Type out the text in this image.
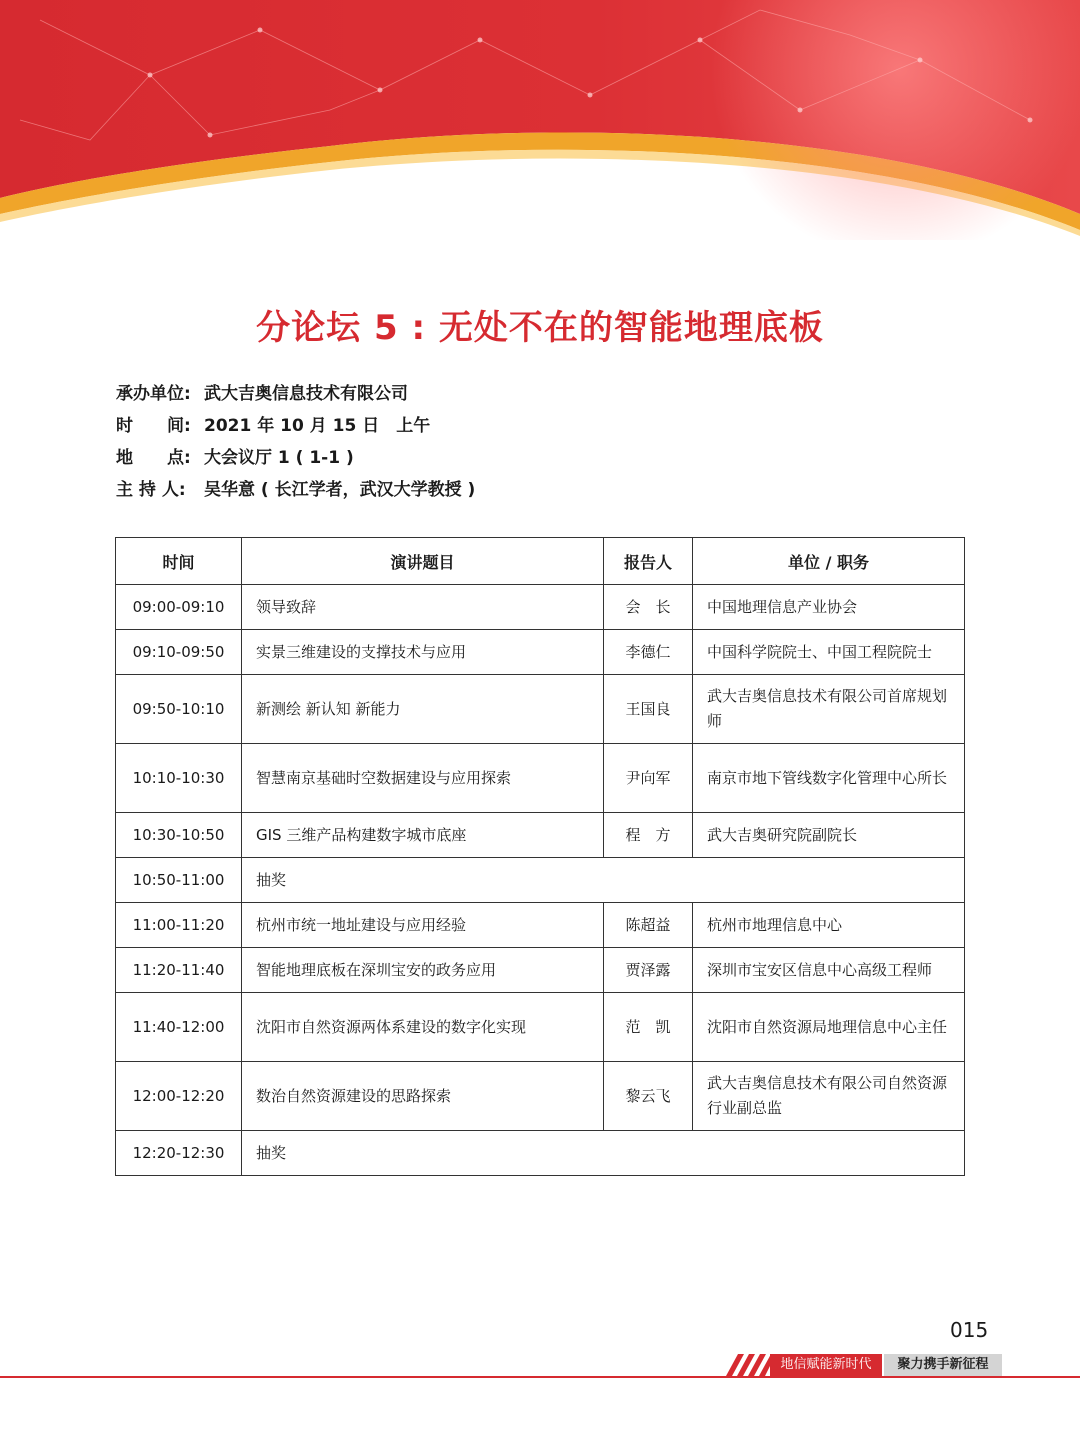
分论坛 5 : 无处不在的智能地理底板
承办单位: 武大吉奥信息技术有限公司
时　　间: 2021 年 10 月 15 日　上午
地　　点: 大会议厅 1 ( 1-1 )
主 持 人: 吴华意 ( 长江学者，武汉大学教授 )
时间	演讲题目	报告人	单位 / 职务
09:00-09:10	领导致辞	会　长	中国地理信息产业协会
09:10-09:50	实景三维建设的支撑技术与应用	李德仁	中国科学院院士、中国工程院院士
09:50-10:10	新测绘 新认知 新能力	王国良	武大吉奥信息技术有限公司首席规划师
10:10-10:30	智慧南京基础时空数据建设与应用探索	尹向军	南京市地下管线数字化管理中心所长
10:30-10:50	GIS 三维产品构建数字城市底座	程　方	武大吉奥研究院副院长
10:50-11:00	抽奖		
11:00-11:20	杭州市统一地址建设与应用经验	陈超益	杭州市地理信息中心
11:20-11:40	智能地理底板在深圳宝安的政务应用	贾泽露	深圳市宝安区信息中心高级工程师
11:40-12:00	沈阳市自然资源两体系建设的数字化实现	范　凯	沈阳市自然资源局地理信息中心主任
12:00-12:20	数治自然资源建设的思路探索	黎云飞	武大吉奥信息技术有限公司自然资源行业副总监
12:20-12:30	抽奖		
015
地信赋能新时代	聚力携手新征程
